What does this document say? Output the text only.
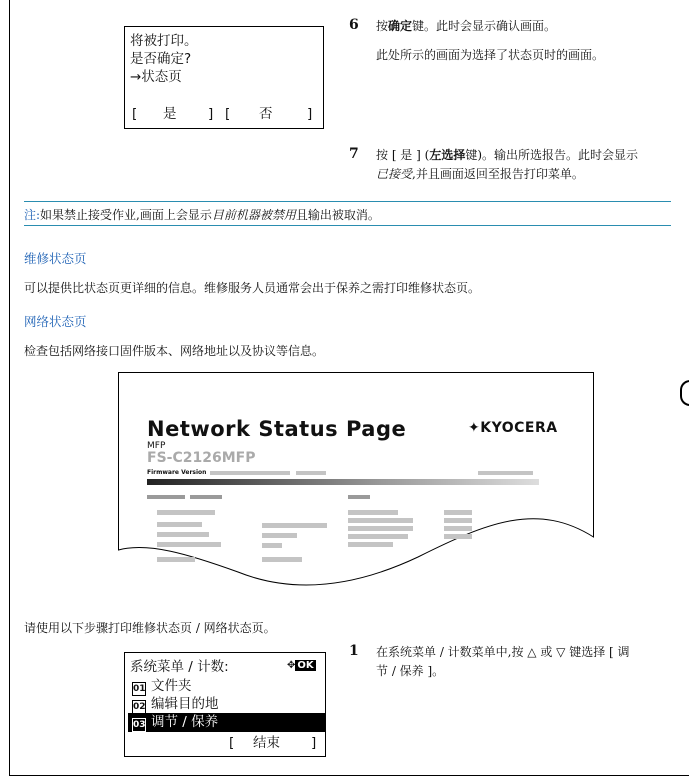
将被打印。
是否确定?
→状态页
[ 是 ] [ 否	]
6 按确定键。此时会显示确认画面。
此处所示的画面为选择了状态页时的画面。
7 按 [ 是 ] (左选择键)。输出所选报告。此时会显示
已接受,并且画面返回至报告打印菜单。
注:如果禁止接受作业,画面上会显示目前机器被禁用且输出被取消。
维修状态页
可以提供比状态页更详细的信息。维修服务人员通常会出于保养之需打印维修状态页。
网络状态页
检查包括网络接口固件版本、网络地址以及协议等信息。
Network Status Page	✦KYOCERA
MFP
FS-C2126MFP
Firmware Version
请使用以下步骤打印维修状态页 / 网络状态页。
系统菜单 / 计数:	✥ OK
01 文件夹
02 编辑目的地
03 调节 / 保养
[ 结束 ]
1 在系统菜单 / 计数菜单中,按 △ 或 ▽ 键选择 [ 调
节 / 保养 ]。
